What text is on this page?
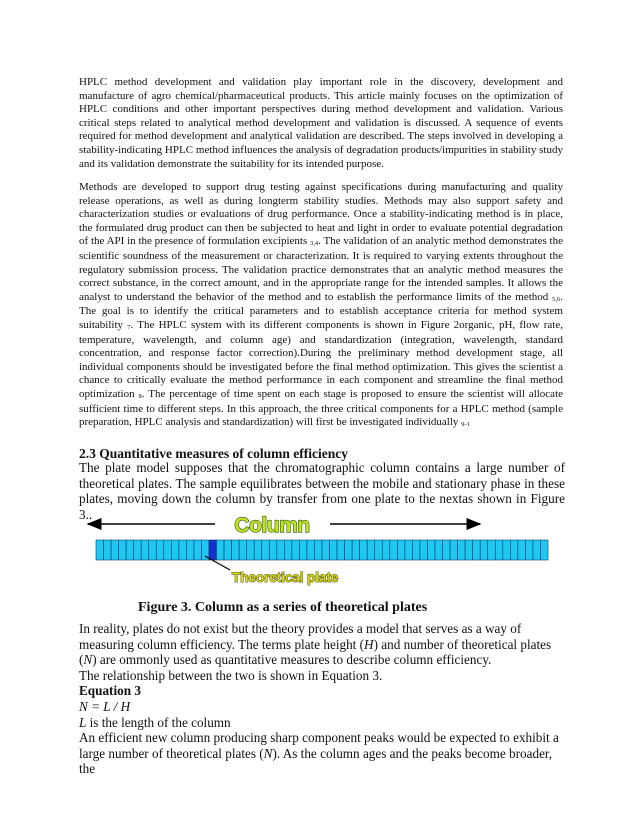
HPLC method development and validation play important role in the discovery, development and manufacture of agro chemical/pharmaceutical products. This article mainly focuses on the optimization of HPLC conditions and other important perspectives during method development and validation. Various critical steps related to analytical method development and validation is discussed. A sequence of events required for method development and analytical validation are described. The steps involved in developing a stability-indicating HPLC method influences the analysis of degradation products/impurities in stability study and its validation demonstrate the suitability for its intended purpose.

Methods are developed to support drug testing against specifications during manufacturing and quality release operations, as well as during longterm stability studies. Methods may also support safety and characterization studies or evaluations of drug performance. Once a stability-indicating method is in place, the formulated drug product can then be subjected to heat and light in order to evaluate potential degradation of the API in the presence of formulation excipients 3,4. The validation of an analytic method demonstrates the scientific soundness of the measurement or characterization. It is required to varying extents throughout the regulatory submission process. The validation practice demonstrates that an analytic method measures the correct substance, in the correct amount, and in the appropriate range for the intended samples. It allows the analyst to understand the behavior of the method and to establish the performance limits of the method 5,6. The goal is to identify the critical parameters and to establish acceptance criteria for method system suitability 7. The HPLC system with its different components is shown in Figure 2organic, pH, flow rate, temperature, wavelength, and column age) and standardization (integration, wavelength, standard concentration, and response factor correction).During the preliminary method development stage, all individual components should be investigated before the final method optimization. This gives the scientist a chance to critically evaluate the method performance in each component and streamline the final method optimization 8. The percentage of time spent on each stage is proposed to ensure the scientist will allocate sufficient time to different steps. In this approach, the three critical components for a HPLC method (sample preparation, HPLC analysis and standardization) will first be investigated individually 9-1

2.3 Quantitative measures of column efficiency

The plate model supposes that the chromatographic column contains a large number of theoretical plates. The sample equilibrates between the mobile and stationary phase in these plates, moving down the column by transfer from one plate to the nextas shown in Figure 3..	Column
Theoretical plate

Figure 3. Column as a series of theoretical plates

In reality, plates do not exist but the theory provides a model that serves as a way of measuring column efficiency. The terms plate height (H) and number of theoretical plates (N) are ommonly used as quantitative measures to describe column efficiency.
The relationship between the two is shown in Equation 3.
Equation 3
N = L / H
L is the length of the column
An efficient new column producing sharp component peaks would be expected to exhibit a large number of theoretical plates (N). As the column ages and the peaks become broader, the
